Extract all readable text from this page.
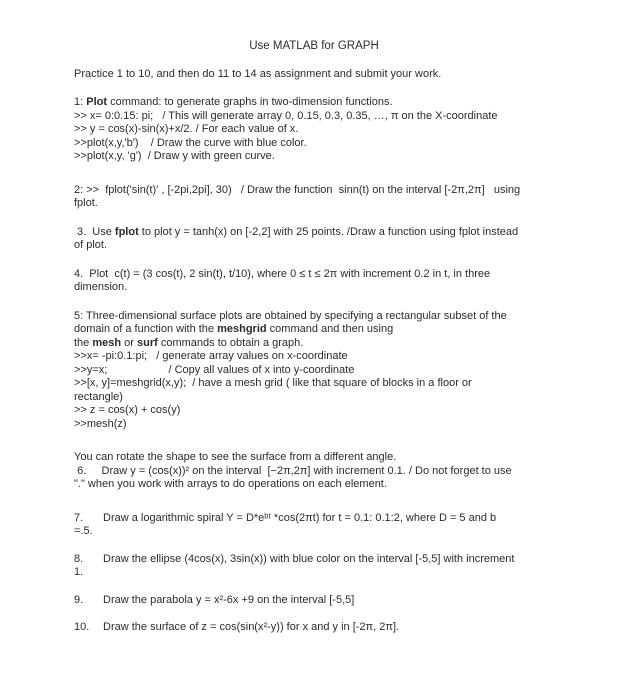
Use MATLAB for GRAPH
Practice 1 to 10, and then do 11 to 14 as assignment and submit your work.
1: Plot command: to generate graphs in two-dimension functions.
>> x= 0:0.15: pi;   / This will generate array 0, 0.15, 0.3, 0.35, …, π on the X-coordinate
>> y = cos(x)-sin(x)+x/2. / For each value of x.
>>plot(x,y,'b')    / Draw the curve with blue color.
>>plot(x,y, 'g')  / Draw y with green curve.
2: >>  fplot('sin(t)' , [-2pi,2pi], 30)   / Draw the function  sinn(t) on the interval [-2π,2π]   using
fplot.
3.  Use fplot to plot y = tanh(x) on [-2,2] with 25 points. /Draw a function using fplot instead
of plot.
4.  Plot  c(t) = (3 cos(t), 2 sin(t), t/10), where 0 ≤ t ≤ 2π with increment 0.2 in t, in three
dimension.
5: Three-dimensional surface plots are obtained by specifying a rectangular subset of the
domain of a function with the meshgrid command and then using
the mesh or surf commands to obtain a graph.
>>x= -pi:0.1:pi;   / generate array values on x-coordinate
>>y=x;                    / Copy all values of x into y-coordinate
>>[x, y]=meshgrid(x,y);  / have a mesh grid ( like that square of blocks in a floor or
rectangle)
>> z = cos(x) + cos(y)
>>mesh(z)
You can rotate the shape to see the surface from a different angle.
6.     Draw y = (cos(x))² on the interval  [−2π,2π] with increment 0.1. / Do not forget to use
"." when you work with arrays to do operations on each element.
7.	Draw a logarithmic spiral Y = D*eᵇᵗ *cos(2πt) for t = 0.1: 0.1:2, where D = 5 and b
=.5.
8.	Draw the ellipse (4cos(x), 3sin(x)) with blue color on the interval [-5,5] with increment
1.
9.	Draw the parabola y = x²-6x +9 on the interval [-5,5]
10.	Draw the surface of z = cos(sin(x²-y)) for x and y in [-2π, 2π].
